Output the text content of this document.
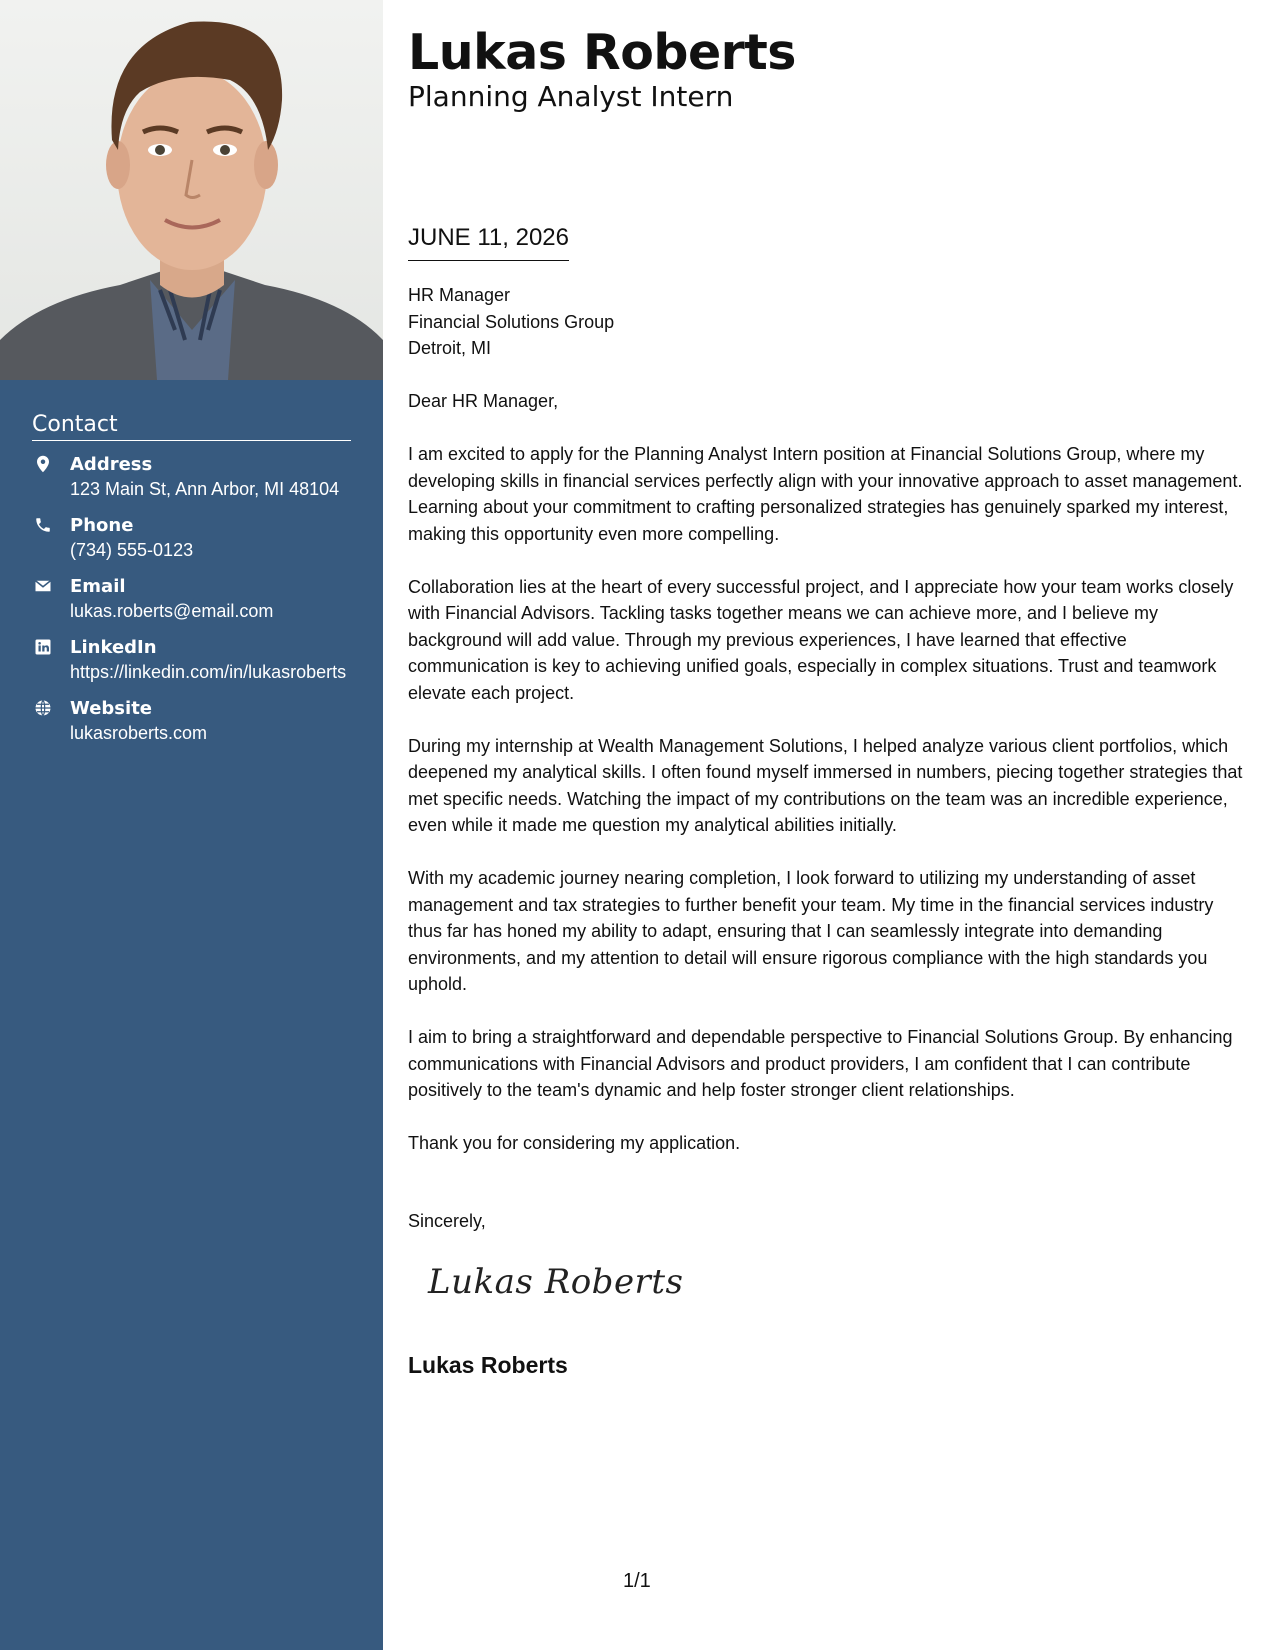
Contact
Address
123 Main St, Ann Arbor, MI 48104
Phone
(734) 555-0123
Email
lukas.roberts@email.com
LinkedIn
https://linkedin.com/in/lukasroberts
Website
lukasroberts.com
Lukas Roberts
Planning Analyst Intern
JUNE 11, 2026
HR Manager
Financial Solutions Group
Detroit, MI

Dear HR Manager,

I am excited to apply for the Planning Analyst Intern position at Financial Solutions Group, where my developing skills in financial services perfectly align with your innovative approach to asset management. Learning about your commitment to crafting personalized strategies has genuinely sparked my interest, making this opportunity even more compelling.

Collaboration lies at the heart of every successful project, and I appreciate how your team works closely with Financial Advisors. Tackling tasks together means we can achieve more, and I believe my background will add value. Through my previous experiences, I have learned that effective communication is key to achieving unified goals, especially in complex situations. Trust and teamwork elevate each project.

During my internship at Wealth Management Solutions, I helped analyze various client portfolios, which deepened my analytical skills. I often found myself immersed in numbers, piecing together strategies that met specific needs. Watching the impact of my contributions on the team was an incredible experience, even while it made me question my analytical abilities initially.

With my academic journey nearing completion, I look forward to utilizing my understanding of asset management and tax strategies to further benefit your team. My time in the financial services industry thus far has honed my ability to adapt, ensuring that I can seamlessly integrate into demanding environments, and my attention to detail will ensure rigorous compliance with the high standards you uphold.

I aim to bring a straightforward and dependable perspective to Financial Solutions Group. By enhancing communications with Financial Advisors and product providers, I am confident that I can contribute positively to the team's dynamic and help foster stronger client relationships.

Thank you for considering my application.

Sincerely,
Lukas Roberts
Lukas Roberts
1/1
